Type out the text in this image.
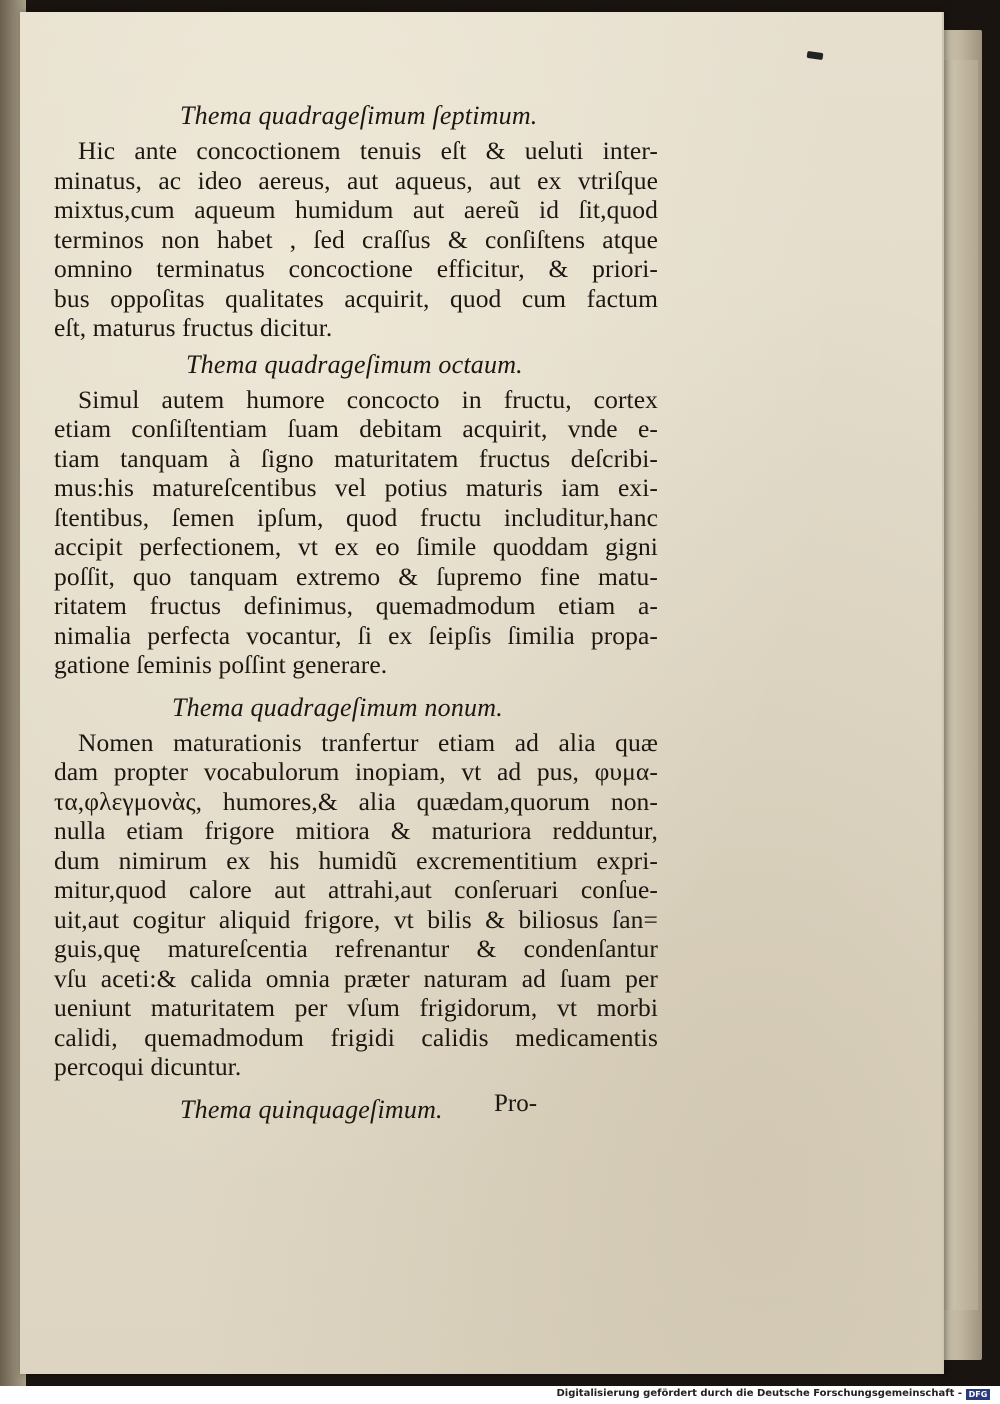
Thema quadrageſimum ſeptimum.
Hic ante concoctionem tenuis eſt & ueluti inter-
minatus, ac ideo aereus, aut aqueus, aut ex vtriſque
mixtus,cum aqueum humidum aut aereũ id ſit,quod
terminos non habet , ſed craſſus & conſiſtens atque
omnino terminatus concoctione efficitur, & priori-
bus oppoſitas qualitates acquirit, quod cum factum
eſt, maturus fructus dicitur.
Thema quadrageſimum octaum.
Simul autem humore concocto in fructu, cortex
etiam conſiſtentiam ſuam debitam acquirit, vnde e-
tiam tanquam à ſigno maturitatem fructus deſcribi-
mus:his matureſcentibus vel potius maturis iam exi-
ſtentibus, ſemen ipſum, quod fructu includitur,hanc
accipit perfectionem, vt ex eo ſimile quoddam gigni
poſſit, quo tanquam extremo & ſupremo fine matu-
ritatem fructus definimus, quemadmodum etiam a-
nimalia perfecta vocantur, ſi ex ſeipſis ſimilia propa-
gatione ſeminis poſſint generare.
Thema quadrageſimum nonum.
Nomen maturationis tranfertur etiam ad alia quæ
dam propter vocabulorum inopiam, vt ad pus, φυμα-
τα,φλεγμονὰς, humores,& alia quædam,quorum non-
nulla etiam frigore mitiora & maturiora redduntur,
dum nimirum ex his humidũ excrementitium expri-
mitur,quod calore aut attrahi,aut conſeruari conſue-
uit,aut cogitur aliquid frigore, vt bilis & biliosus ſan=
guis,quę matureſcentia refrenantur & condenſantur
vſu aceti:& calida omnia præter naturam ad ſuam per
ueniunt maturitatem per vſum frigidorum, vt morbi
calidi, quemadmodum frigidi calidis medicamentis
percoqui dicuntur.
Thema quinquageſimum.	Pro-
Digitalisierung gefördert durch die Deutsche Forschungsgemeinschaft - DFG
